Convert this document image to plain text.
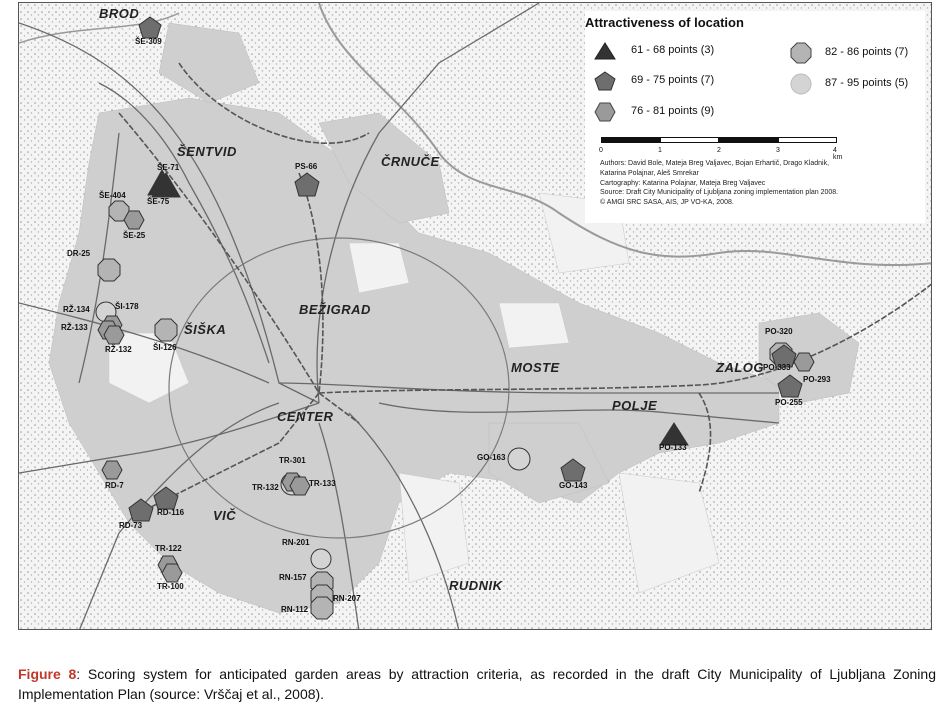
BROD
ŠENTVID
ČRNUČE
BEŽIGRAD
ŠIŠKA
MOSTE	ZALOG
POLJE
CENTER
VIČ
RUDNIK
ŠE-309
ŠE-71
ŠE-75
ŠE-404
ŠE-25
PS-66
DR-25
RŽ-134	ŠI-178
RŽ-133
RŽ-132	ŠI-126
PO-320
PO-333
PO-293
PO-255
PO-133
GO-163
GO-143
TR-301
TR-132	TR-133
RD-7
RD-116
RD-73
TR-122
TR-100
RN-201
RN-157
RN-207
RN-112
Attractiveness of location
61 - 68 points (3)
69 - 75 points (7)
76 - 81 points (9)
82 - 86 points (7)
87 - 95 points (5)
0	1	2	3	4 km
Authors: David Bole, Mateja Breg Valjavec, Bojan Erhartič, Drago Kladnik,
Katarina Polajnar, Aleš Smrekar
Cartography: Katarina Polajnar, Mateja Breg Valjavec
Source: Draft City Municipality of Ljubljana zoning implementation plan 2008.
© AMGI SRC SASA, AIS, JP VO-KA, 2008.
Figure 8: Scoring system for anticipated garden areas by attraction criteria, as recorded in the draft City Municipality of Ljubljana Zoning Implementation Plan (source: Vrščaj et al., 2008).
